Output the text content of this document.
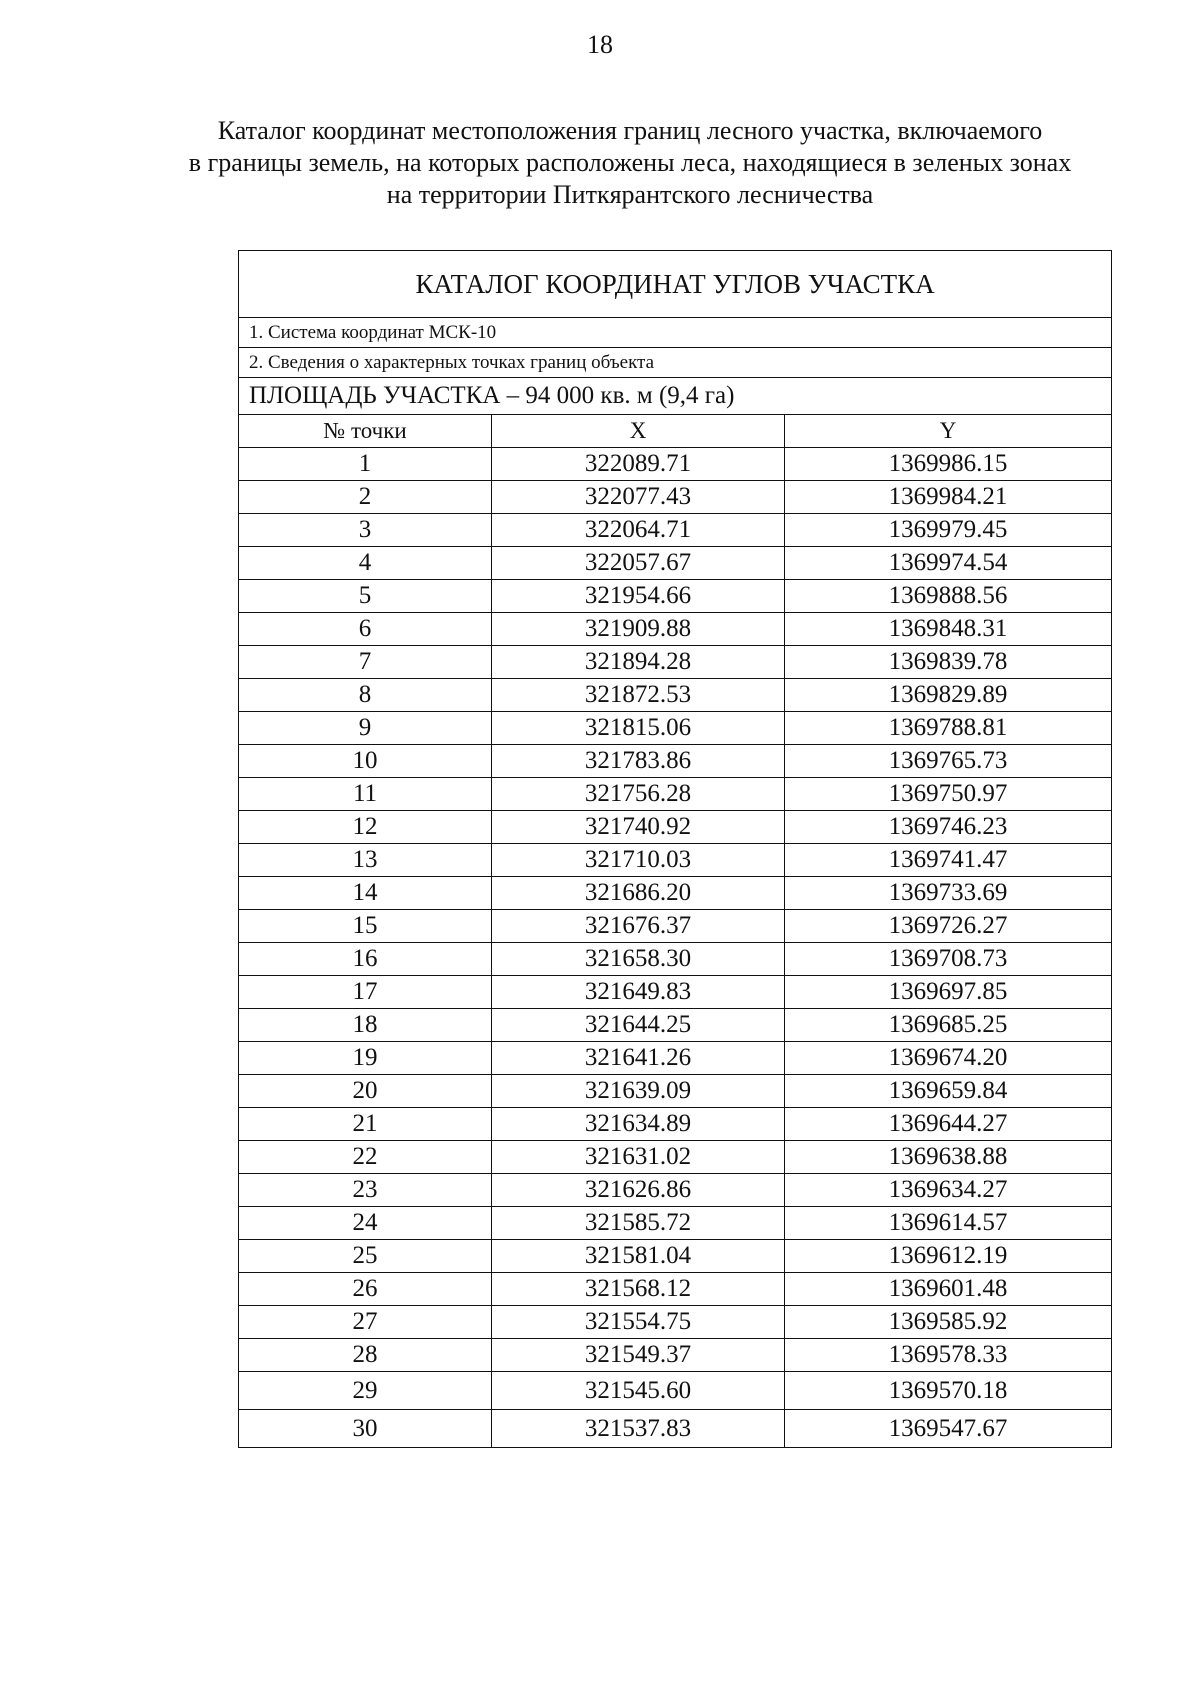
18
Каталог координат местоположения границ лесного участка, включаемого
в границы земель, на которых расположены леса, находящиеся в зеленых зонах
на территории Питкярантского лесничества
КАТАЛОГ КООРДИНАТ УГЛОВ УЧАСТКА		
1. Система координат МСК-10		
2. Сведения о характерных точках границ объекта		
ПЛОЩАДЬ УЧАСТКА – 94 000 кв. м (9,4 га)		
№ точки	X	Y
1	322089.71	1369986.15
2	322077.43	1369984.21
3	322064.71	1369979.45
4	322057.67	1369974.54
5	321954.66	1369888.56
6	321909.88	1369848.31
7	321894.28	1369839.78
8	321872.53	1369829.89
9	321815.06	1369788.81
10	321783.86	1369765.73
11	321756.28	1369750.97
12	321740.92	1369746.23
13	321710.03	1369741.47
14	321686.20	1369733.69
15	321676.37	1369726.27
16	321658.30	1369708.73
17	321649.83	1369697.85
18	321644.25	1369685.25
19	321641.26	1369674.20
20	321639.09	1369659.84
21	321634.89	1369644.27
22	321631.02	1369638.88
23	321626.86	1369634.27
24	321585.72	1369614.57
25	321581.04	1369612.19
26	321568.12	1369601.48
27	321554.75	1369585.92
28	321549.37	1369578.33
29	321545.60	1369570.18
30	321537.83	1369547.67
